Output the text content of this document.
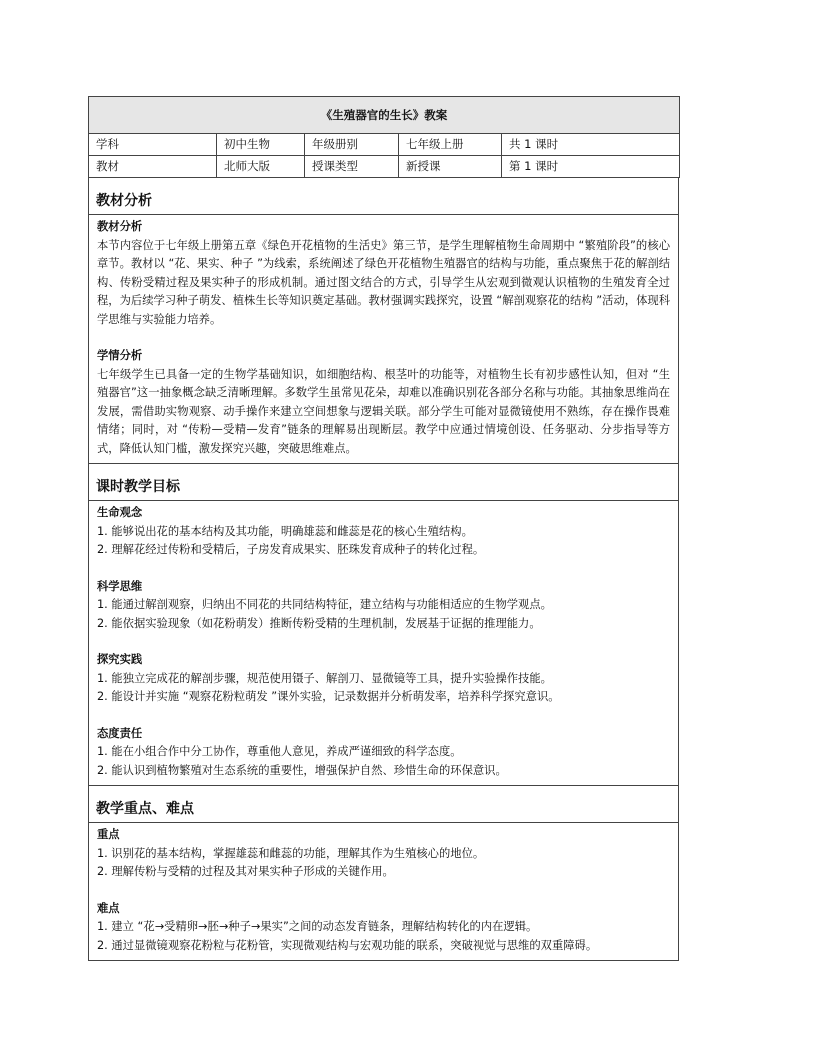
《生殖器官的生长》教案				
学科	初中生物	年级册别	七年级上册	共 1 课时
教材	北师大版	授课类型	新授课	第 1 课时
教材分析
教材分析
本节内容位于七年级上册第五章《绿色开花植物的生活史》第三节，是学生理解植物生命周期中 “繁殖阶段”的核心章节。教材以 “花、果实、种子 ”为线索，系统阐述了绿色开花植物生殖器官的结构与功能，重点聚焦于花的解剖结构、传粉受精过程及果实种子的形成机制。通过图文结合的方式，引导学生从宏观到微观认识植物的生殖发育全过程，为后续学习种子萌发、植株生长等知识奠定基础。教材强调实践探究，设置 “解剖观察花的结构 ”活动，体现科学思维与实验能力培养。
学情分析
七年级学生已具备一定的生物学基础知识，如细胞结构、根茎叶的功能等，对植物生长有初步感性认知，但对 “生殖器官”这一抽象概念缺乏清晰理解。多数学生虽常见花朵，却难以准确识别花各部分名称与功能。其抽象思维尚在发展，需借助实物观察、动手操作来建立空间想象与逻辑关联。部分学生可能对显微镜使用不熟练，存在操作畏难情绪；同时，对 “传粉—受精—发育”链条的理解易出现断层。教学中应通过情境创设、任务驱动、分步指导等方式，降低认知门槛，激发探究兴趣，突破思维难点。
课时教学目标
生命观念
1. 能够说出花的基本结构及其功能，明确雄蕊和雌蕊是花的核心生殖结构。
2. 理解花经过传粉和受精后，子房发育成果实、胚珠发育成种子的转化过程。
科学思维
1. 能通过解剖观察，归纳出不同花的共同结构特征，建立结构与功能相适应的生物学观点。
2. 能依据实验现象（如花粉萌发）推断传粉受精的生理机制，发展基于证据的推理能力。
探究实践
1. 能独立完成花的解剖步骤，规范使用镊子、解剖刀、显微镜等工具，提升实验操作技能。
2. 能设计并实施 “观察花粉粒萌发 ”课外实验，记录数据并分析萌发率，培养科学探究意识。
态度责任
1. 能在小组合作中分工协作，尊重他人意见，养成严谨细致的科学态度。
2. 能认识到植物繁殖对生态系统的重要性，增强保护自然、珍惜生命的环保意识。
教学重点、难点
重点
1. 识别花的基本结构，掌握雄蕊和雌蕊的功能，理解其作为生殖核心的地位。
2. 理解传粉与受精的过程及其对果实种子形成的关键作用。
难点
1. 建立 “花→受精卵→胚→种子→果实”之间的动态发育链条，理解结构转化的内在逻辑。
2. 通过显微镜观察花粉粒与花粉管，实现微观结构与宏观功能的联系，突破视觉与思维的双重障碍。
